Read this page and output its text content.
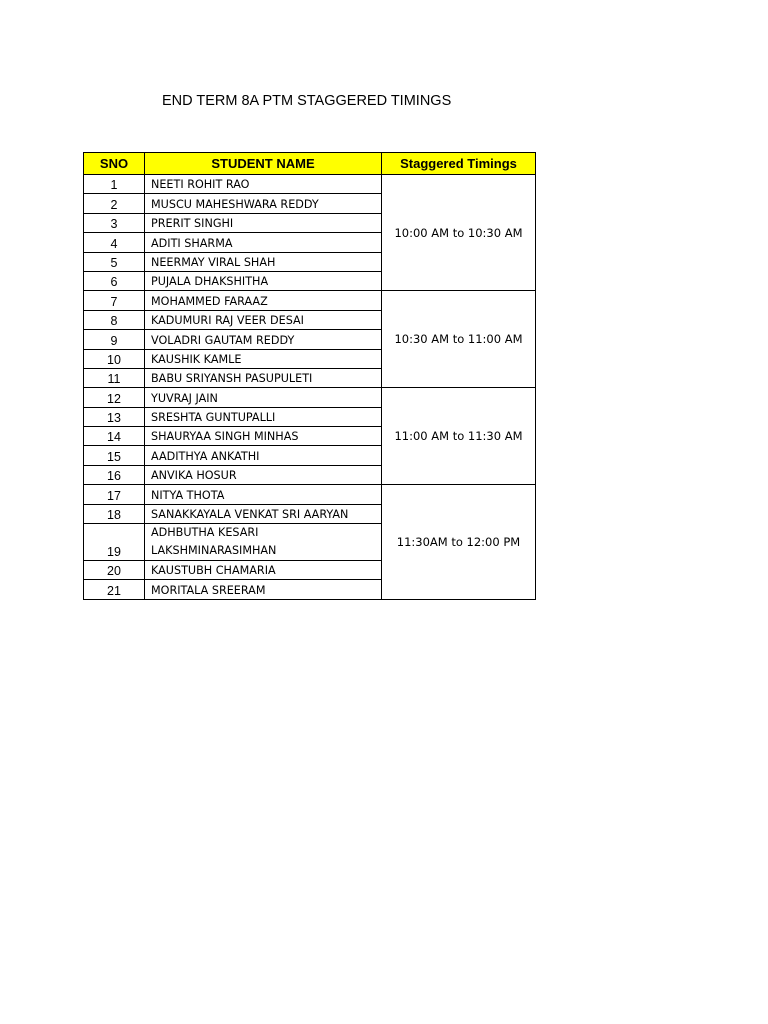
END TERM 8A PTM STAGGERED TIMINGS
SNO	STUDENT NAME	Staggered Timings
1	NEETI ROHIT RAO	10:00 AM to 10:30 AM
2	MUSCU MAHESHWARA REDDY	
3	PRERIT SINGHI	
4	ADITI SHARMA	
5	NEERMAY VIRAL SHAH	
6	PUJALA DHAKSHITHA	
7	MOHAMMED FARAAZ	10:30 AM to 11:00 AM
8	KADUMURI RAJ VEER DESAI	
9	VOLADRI GAUTAM REDDY	
10	KAUSHIK KAMLE	
11	BABU SRIYANSH PASUPULETI	
12	YUVRAJ JAIN	11:00 AM to 11:30 AM
13	SRESHTA GUNTUPALLI	
14	SHAURYAA SINGH MINHAS	
15	AADITHYA ANKATHI	
16	ANVIKA HOSUR	
17	NITYA THOTA	11:30AM to 12:00 PM
18	SANAKKAYALA VENKAT SRI AARYAN	
19	ADHBUTHA KESARI LAKSHMINARASIMHAN	
20	KAUSTUBH CHAMARIA	
21	MORITALA SREERAM	
